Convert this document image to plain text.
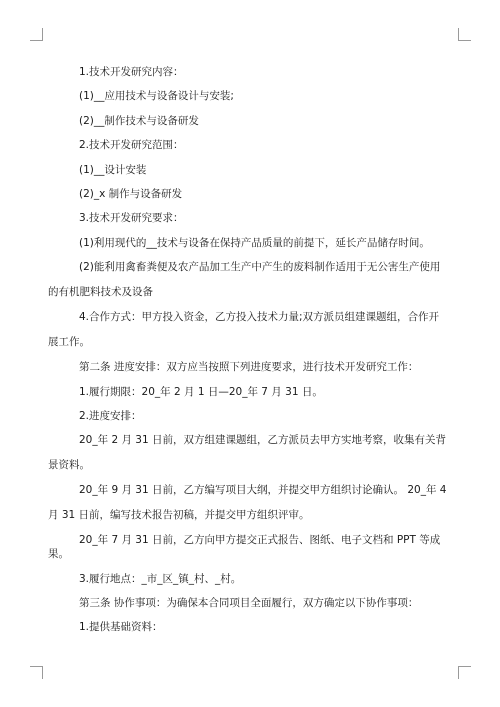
1.技术开发研究内容：

(1)__应用技术与设备设计与安装;

(2)__制作技术与设备研发

2.技术开发研究范围：

(1)__设计安装

(2)_x 制作与设备研发

3.技术开发研究要求：

(1)利用现代的__技术与设备在保持产品质量的前提下，延长产品储存时间。

(2)能利用禽畜粪便及农产品加工生产中产生的废料制作适用于无公害生产使用的有机肥料技术及设备

4.合作方式：甲方投入资金，乙方投入技术力量;双方派员组建课题组，合作开展工作。

第二条 进度安排：双方应当按照下列进度要求，进行技术开发研究工作：

1.履行期限：20_年 2 月 1 日—20_年 7 月 31 日。

2.进度安排：

20_年 2 月 31 日前，双方组建课题组，乙方派员去甲方实地考察，收集有关背景资料。

20_年 9 月 31 日前，乙方编写项目大纲，并提交甲方组织讨论确认。 20_年 4 月 31 日前，编写技术报告初稿，并提交甲方组织评审。

20_年 7 月 31 日前，乙方向甲方提交正式报告、图纸、电子文档和 PPT 等成果。

3.履行地点：_市_区_镇_村、_村。

第三条 协作事项：为确保本合同项目全面履行，双方确定以下协作事项：

1.提供基础资料：
